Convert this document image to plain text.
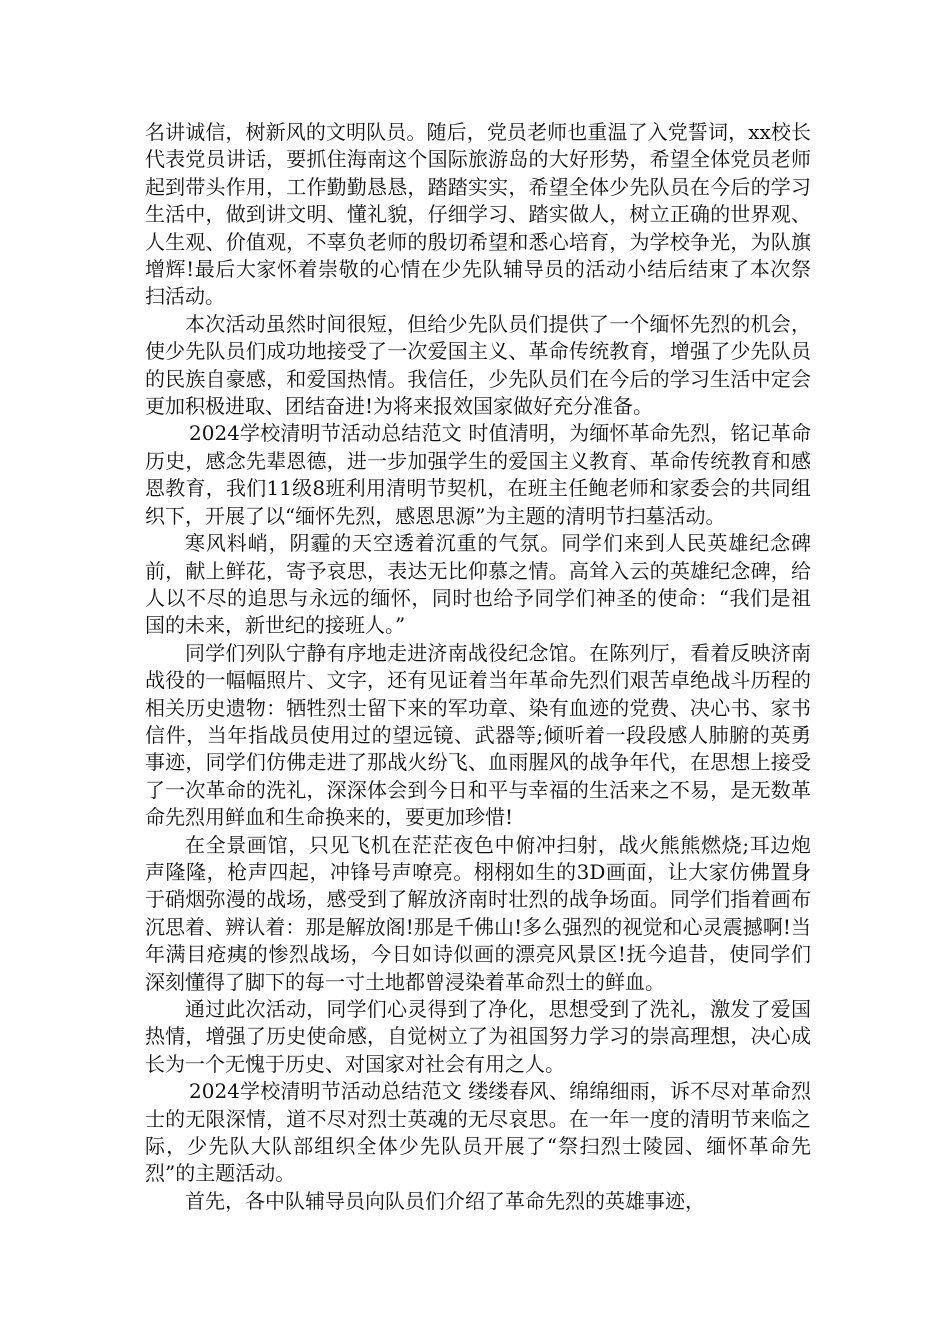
名讲诚信，树新风的文明队员。随后，党员老师也重温了入党誓词，xx校长代表党员讲话，要抓住海南这个国际旅游岛的大好形势，希望全体党员老师起到带头作用，工作勤勤恳恳，踏踏实实，希望全体少先队员在今后的学习生活中，做到讲文明、懂礼貌，仔细学习、踏实做人，树立正确的世界观、人生观、价值观，不辜负老师的殷切希望和悉心培育，为学校争光，为队旗增辉!最后大家怀着崇敬的心情在少先队辅导员的活动小结后结束了本次祭扫活动。

本次活动虽然时间很短，但给少先队员们提供了一个缅怀先烈的机会，使少先队员们成功地接受了一次爱国主义、革命传统教育，增强了少先队员的民族自豪感，和爱国热情。我信任，少先队员们在今后的学习生活中定会更加积极进取、团结奋进!为将来报效国家做好充分准备。

2024学校清明节活动总结范文 时值清明，为缅怀革命先烈，铭记革命历史，感念先辈恩德，进一步加强学生的爱国主义教育、革命传统教育和感恩教育，我们11级8班利用清明节契机，在班主任鲍老师和家委会的共同组织下，开展了以“缅怀先烈，感恩思源”为主题的清明节扫墓活动。

寒风料峭，阴霾的天空透着沉重的气氛。同学们来到人民英雄纪念碑前，献上鲜花，寄予哀思，表达无比仰慕之情。高耸入云的英雄纪念碑，给人以不尽的追思与永远的缅怀，同时也给予同学们神圣的使命：“我们是祖国的未来，新世纪的接班人。”

同学们列队宁静有序地走进济南战役纪念馆。在陈列厅，看着反映济南战役的一幅幅照片、文字，还有见证着当年革命先烈们艰苦卓绝战斗历程的相关历史遗物：牺牲烈士留下来的军功章、染有血迹的党费、决心书、家书信件，当年指战员使用过的望远镜、武器等;倾听着一段段感人肺腑的英勇事迹，同学们仿佛走进了那战火纷飞、血雨腥风的战争年代，在思想上接受了一次革命的洗礼，深深体会到今日和平与幸福的生活来之不易，是无数革命先烈用鲜血和生命换来的，要更加珍惜!

在全景画馆，只见飞机在茫茫夜色中俯冲扫射，战火熊熊燃烧;耳边炮声隆隆，枪声四起，冲锋号声嘹亮。栩栩如生的3D画面，让大家仿佛置身于硝烟弥漫的战场，感受到了解放济南时壮烈的战争场面。同学们指着画布沉思着、辨认着：那是解放阁!那是千佛山!多么强烈的视觉和心灵震撼啊!当年满目疮痍的惨烈战场，今日如诗似画的漂亮风景区!抚今追昔，使同学们深刻懂得了脚下的每一寸土地都曾浸染着革命烈士的鲜血。

通过此次活动，同学们心灵得到了净化，思想受到了洗礼，激发了爱国热情，增强了历史使命感，自觉树立了为祖国努力学习的崇高理想，决心成长为一个无愧于历史、对国家对社会有用之人。

2024学校清明节活动总结范文 缕缕春风、绵绵细雨，诉不尽对革命烈士的无限深情，道不尽对烈士英魂的无尽哀思。在一年一度的清明节来临之际，少先队大队部组织全体少先队员开展了“祭扫烈士陵园、缅怀革命先烈”的主题活动。

首先，各中队辅导员向队员们介绍了革命先烈的英雄事迹，
